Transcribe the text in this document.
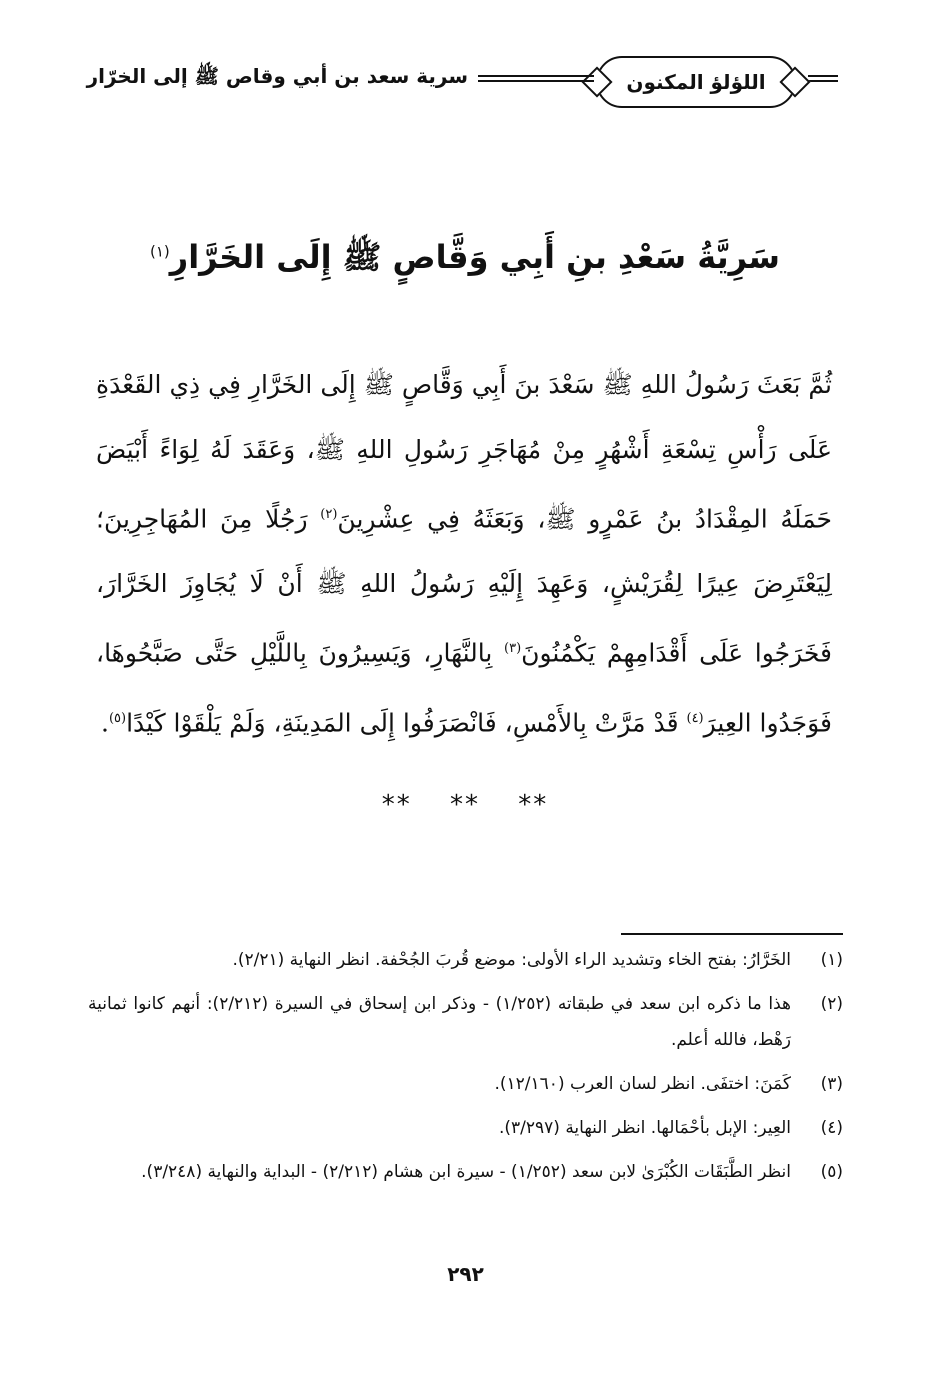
اللؤلؤ المكنون
سرية سعد بن أبي وقاص ﷺ إلى الخرّار
سَرِيَّةُ سَعْدِ بنِ أَبِي وَقَّاصٍ ﷺ إِلَى الخَرَّارِ$^{(١)}$
ثُمَّ بَعَثَ رَسُولُ اللهِ ﷺ سَعْدَ بنَ أَبِي وَقَّاصٍ ﷺ إِلَى الخَرَّارِ فِي ذِي القَعْدَةِ عَلَى رَأْسِ تِسْعَةِ أَشْهُرٍ مِنْ مُهَاجَرِ رَسُولِ اللهِ ﷺ، وَعَقَدَ لَهُ لِوَاءً أَبْيَضَ حَمَلَهُ المِقْدَادُ بنُ عَمْرٍو ﷺ، وَبَعَثَهُ فِي عِشْرِينَ$^{(٢)}$ رَجُلًا مِنَ المُهَاجِرِينَ؛ لِيَعْتَرِضَ عِيرًا لِقُرَيْشٍ، وَعَهِدَ إِلَيْهِ رَسُولُ اللهِ ﷺ أَنْ لَا يُجَاوِزَ الخَرَّارَ، فَخَرَجُوا عَلَى أَقْدَامِهِمْ يَكْمُنُونَ$^{(٣)}$ بِالنَّهَارِ، وَيَسِيرُونَ بِاللَّيْلِ حَتَّى صَبَّحُوهَا، فَوَجَدُوا العِيرَ$^{(٤)}$ قَدْ مَرَّتْ بِالأَمْسِ، فَانْصَرَفُوا إِلَى المَدِينَةِ، وَلَمْ يَلْقَوْا كَيْدًا$^{(٥)}$.
** ** **
(١)
الخَرَّارُ: بفتح الخاء وتشديد الراء الأولى: موضع قُربَ الجُحْفة. انظر النهاية (٢/٢١).
(٢)
هذا ما ذكره ابن سعد في طبقاته (١/٢٥٢) - وذكر ابن إسحاق في السيرة (٢/٢١٢): أنهم كانوا ثمانية رَهْط، فالله أعلم.
(٣)
كَمَنَ: اختفَى. انظر لسان العرب (١٢/١٦٠).
(٤)
العِير: الإبل بأحْمَالها. انظر النهاية (٣/٢٩٧).
(٥)
انظر الطَّبَقَات الكُبْرَىٰ لابن سعد (١/٢٥٢) - سيرة ابن هشام (٢/٢١٢) - البداية والنهاية (٣/٢٤٨).
٢٩٢
